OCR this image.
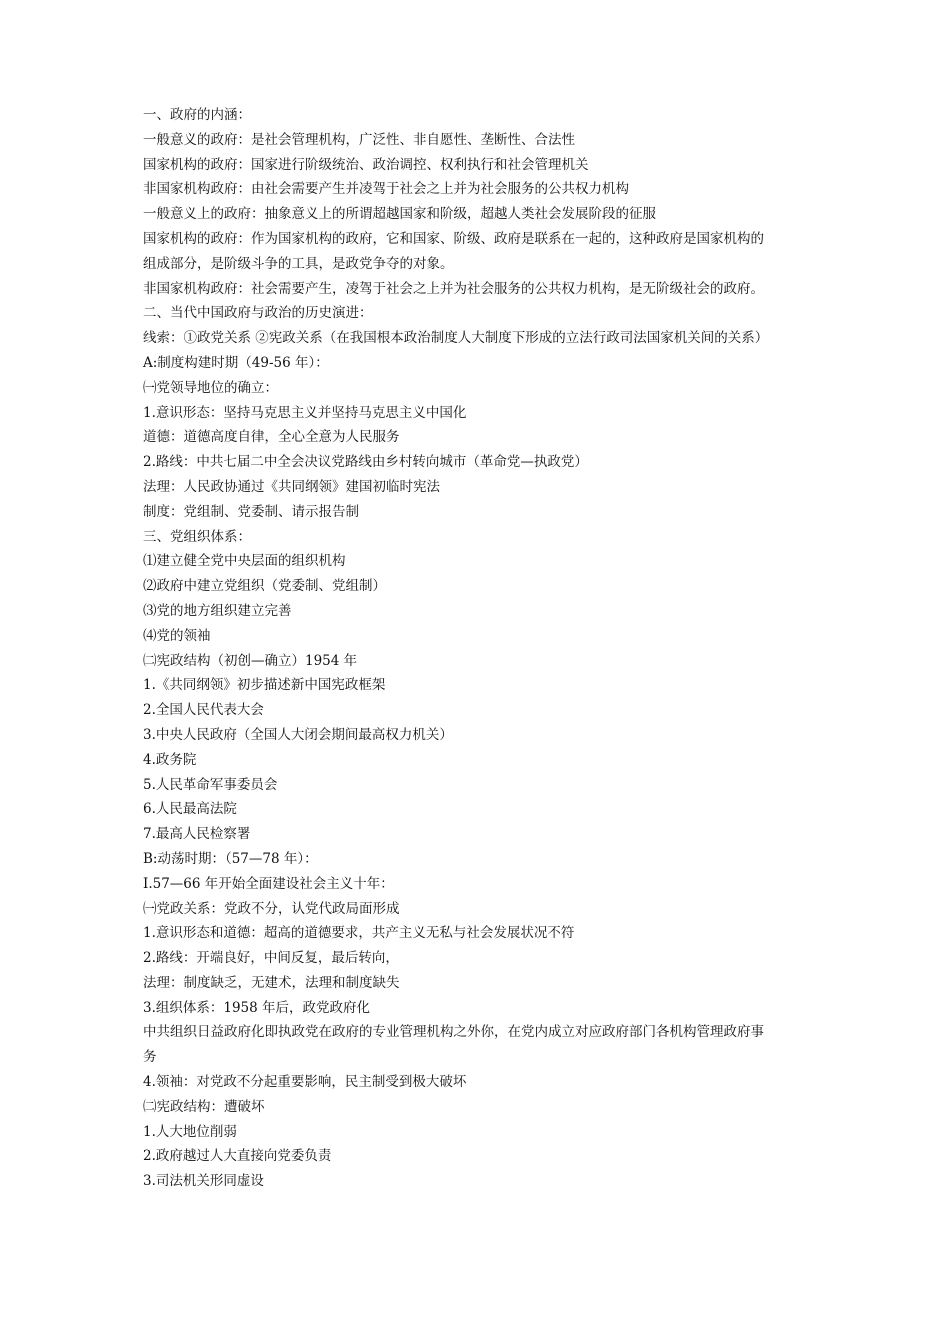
一、政府的内涵：
一般意义的政府：是社会管理机构，广泛性、非自愿性、垄断性、合法性
国家机构的政府：国家进行阶级统治、政治调控、权利执行和社会管理机关
非国家机构政府：由社会需要产生并凌驾于社会之上并为社会服务的公共权力机构
一般意义上的政府：抽象意义上的所谓超越国家和阶级，超越人类社会发展阶段的征服
国家机构的政府：作为国家机构的政府，它和国家、阶级、政府是联系在一起的，这种政府是国家机构的
组成部分，是阶级斗争的工具，是政党争夺的对象。
非国家机构政府：社会需要产生，凌驾于社会之上并为社会服务的公共权力机构，是无阶级社会的政府。
二、当代中国政府与政治的历史演进：
线索：①政党关系 ②宪政关系（在我国根本政治制度人大制度下形成的立法行政司法国家机关间的关系）
A:制度构建时期（49-56 年）：
㈠党领导地位的确立：
1.意识形态：坚持马克思主义并坚持马克思主义中国化
道德：道德高度自律，全心全意为人民服务
2.路线：中共七届二中全会决议党路线由乡村转向城市（革命党—执政党）
法理：人民政协通过《共同纲领》建国初临时宪法
制度：党组制、党委制、请示报告制
三、党组织体系：
⑴建立健全党中央层面的组织机构
⑵政府中建立党组织（党委制、党组制）
⑶党的地方组织建立完善
⑷党的领袖
㈡宪政结构（初创—确立）1954 年
1.《共同纲领》初步描述新中国宪政框架
2.全国人民代表大会
3.中央人民政府（全国人大闭会期间最高权力机关）
4.政务院
5.人民革命军事委员会
6.人民最高法院
7.最高人民检察署
B:动荡时期：（57—78 年）：
Ⅰ.57—66 年开始全面建设社会主义十年：
㈠党政关系：党政不分，认党代政局面形成
1.意识形态和道德：超高的道德要求，共产主义无私与社会发展状况不符
2.路线：开端良好，中间反复，最后转向，
法理：制度缺乏，无建术，法理和制度缺失
3.组织体系：1958 年后，政党政府化
中共组织日益政府化即执政党在政府的专业管理机构之外你，在党内成立对应政府部门各机构管理政府事
务
4.领袖：对党政不分起重要影响，民主制受到极大破坏
㈡宪政结构：遭破坏
1.人大地位削弱
2.政府越过人大直接向党委负责
3.司法机关形同虚设
